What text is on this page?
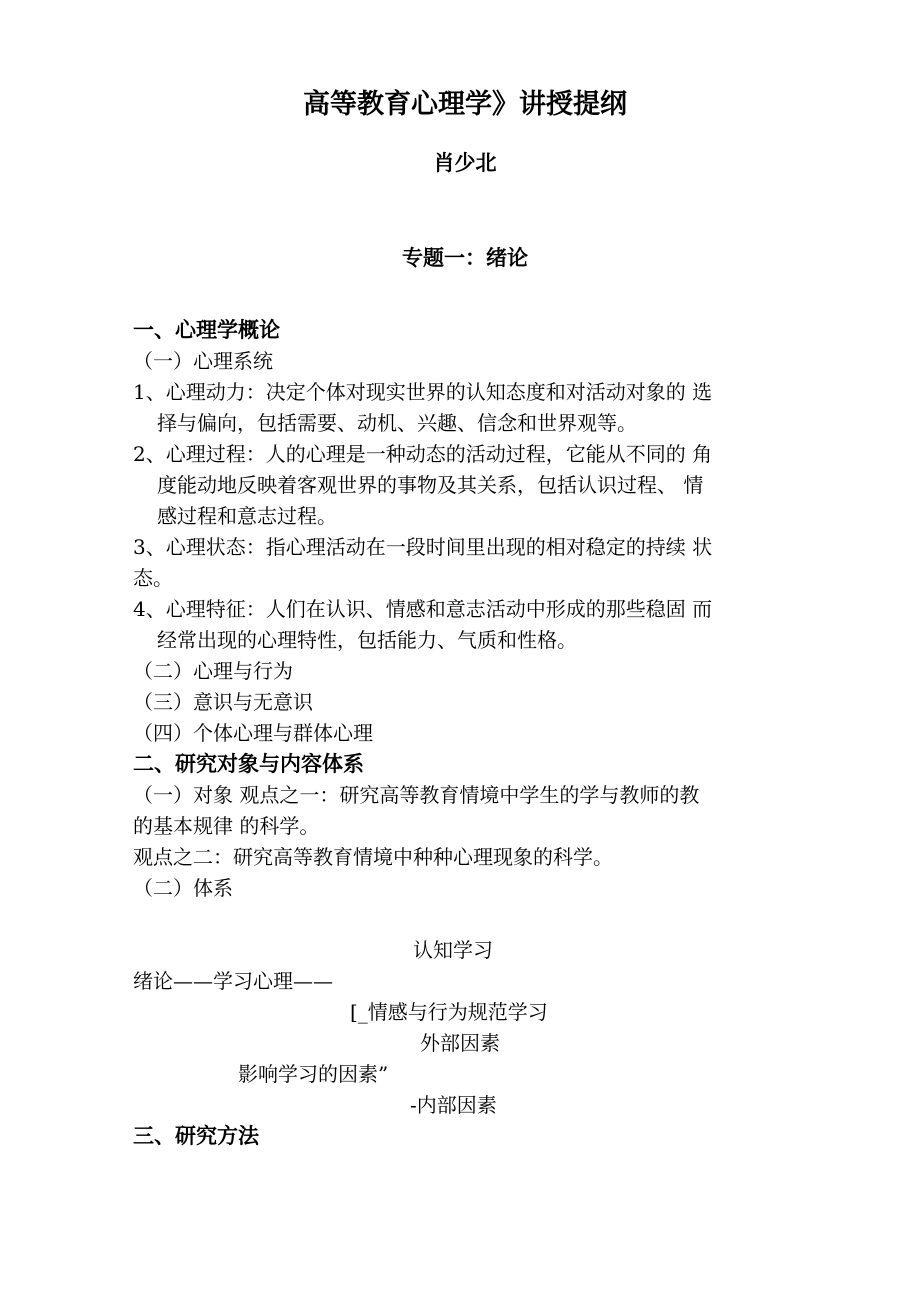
高等教育心理学》讲授提纲
肖少北
专题一：绪论
一、心理学概论
（一）心理系统
1、心理动力：决定个体对现实世界的认知态度和对活动对象的 选
择与偏向，包括需要、动机、兴趣、信念和世界观等。
2、心理过程：人的心理是一种动态的活动过程，它能从不同的 角
度能动地反映着客观世界的事物及其关系，包括认识过程、 情
感过程和意志过程。
3、心理状态：指心理活动在一段时间里出现的相对稳定的持续 状
态。
4、心理特征：人们在认识、情感和意志活动中形成的那些稳固 而
经常出现的心理特性，包括能力、气质和性格。
（二）心理与行为
（三）意识与无意识
（四）个体心理与群体心理
二、研究对象与内容体系
（一）对象 观点之一：研究高等教育情境中学生的学与教师的教
的基本规律 的科学。
观点之二：研究高等教育情境中种种心理现象的科学。
（二）体系
认知学习
绪论——学习心理——
[_情感与行为规范学习
外部因素
影响学习的因素”
-内部因素
三、研究方法
